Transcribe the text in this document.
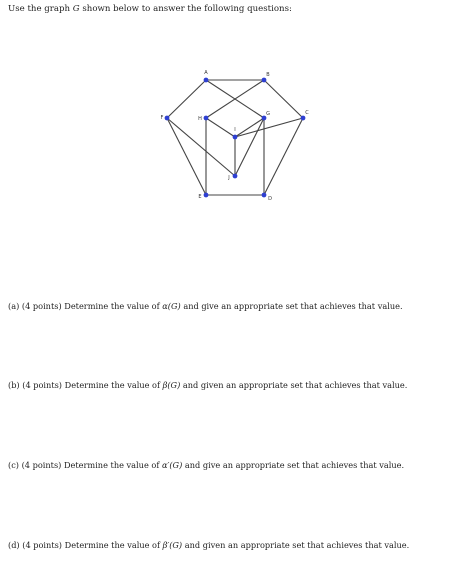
Use the graph G shown below to answer the following questions:
A	B
C
D
E
F
G
H
I
J
(a) (4 points) Determine the value of α(G) and give an appropriate set that achieves that value.
(b) (4 points) Determine the value of β(G) and given an appropriate set that achieves that value.
(c) (4 points) Determine the value of α′(G) and give an appropriate set that achieves that value.
(d) (4 points) Determine the value of β′(G) and given an appropriate set that achieves that value.
